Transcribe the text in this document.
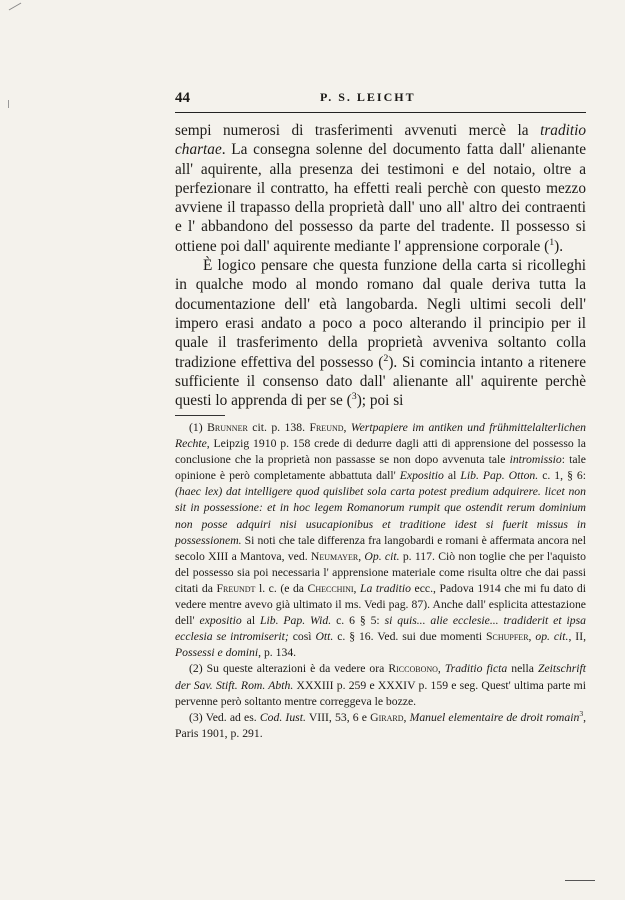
44	P. S. LEICHT

sempi numerosi di trasferimenti avvenuti mercè la traditio chartae. La consegna solenne del documento fatta dall' alienante all' aquirente, alla presenza dei testimoni e del notaio, oltre a perfezionare il contratto, ha effetti reali perchè con questo mezzo avviene il trapasso della proprietà dall' uno all' altro dei contraenti e l' abbandono del possesso da parte del tradente. Il possesso si ottiene poi dall' aquirente mediante l' apprensione corporale ($^1$).

È logico pensare che questa funzione della carta si ricolleghi in qualche modo al mondo romano dal quale deriva tutta la documentazione dell' età langobarda. Negli ultimi secoli dell' impero erasi andato a poco a poco alterando il principio per il quale il trasferimento della proprietà avveniva soltanto colla tradizione effettiva del possesso ($^2$). Si comincia intanto a ritenere sufficiente il consenso dato dall' alienante all' aquirente perchè questi lo apprenda di per se ($^3$); poi si

(1) Brunner cit. p. 138. Freund, Wertpapiere im antiken und frühmittelalterlichen Rechte, Leipzig 1910 p. 158 crede di dedurre dagli atti di apprensione del possesso la conclusione che la proprietà non passasse se non dopo avvenuta tale intromissio: tale opinione è però completamente abbattuta dall' Expositio al Lib. Pap. Otton. c. 1, § 6: (haec lex) dat intelligere quod quislibet sola carta potest predium adquirere. licet non sit in possessione: et in hoc legem Romanorum rumpit que ostendit rerum dominium non posse adquiri nisi usucapionibus et traditione idest si fuerit missus in possessionem. Si noti che tale differenza fra langobardi e romani è affermata ancora nel secolo XIII a Mantova, ved. Neumayer, Op. cit. p. 117. Ciò non toglie che per l'aquisto del possesso sia poi necessaria l' apprensione materiale come risulta oltre che dai passi citati da Freundt l. c. (e da Checchini, La traditio ecc., Padova 1914 che mi fu dato di vedere mentre avevo già ultimato il ms. Vedi pag. 87). Anche dall' esplicita attestazione dell' expositio al Lib. Pap. Wid. c. 6 § 5: si quis... alie ecclesie... tradiderit et ipsa ecclesia se intromiserit; così Ott. c. § 16. Ved. sui due momenti Schupfer, op. cit., II, Possessi e domini, p. 134.

(2) Su queste alterazioni è da vedere ora Riccobono, Traditio ficta nella Zeitschrift der Sav. Stift. Rom. Abth. XXXIII p. 259 e XXXIV p. 159 e seg. Quest' ultima parte mi pervenne però soltanto mentre correggeva le bozze.

(3) Ved. ad es. Cod. Iust. VIII, 53, 6 e Girard, Manuel elementaire de droit romain$^3$, Paris 1901, p. 291.
